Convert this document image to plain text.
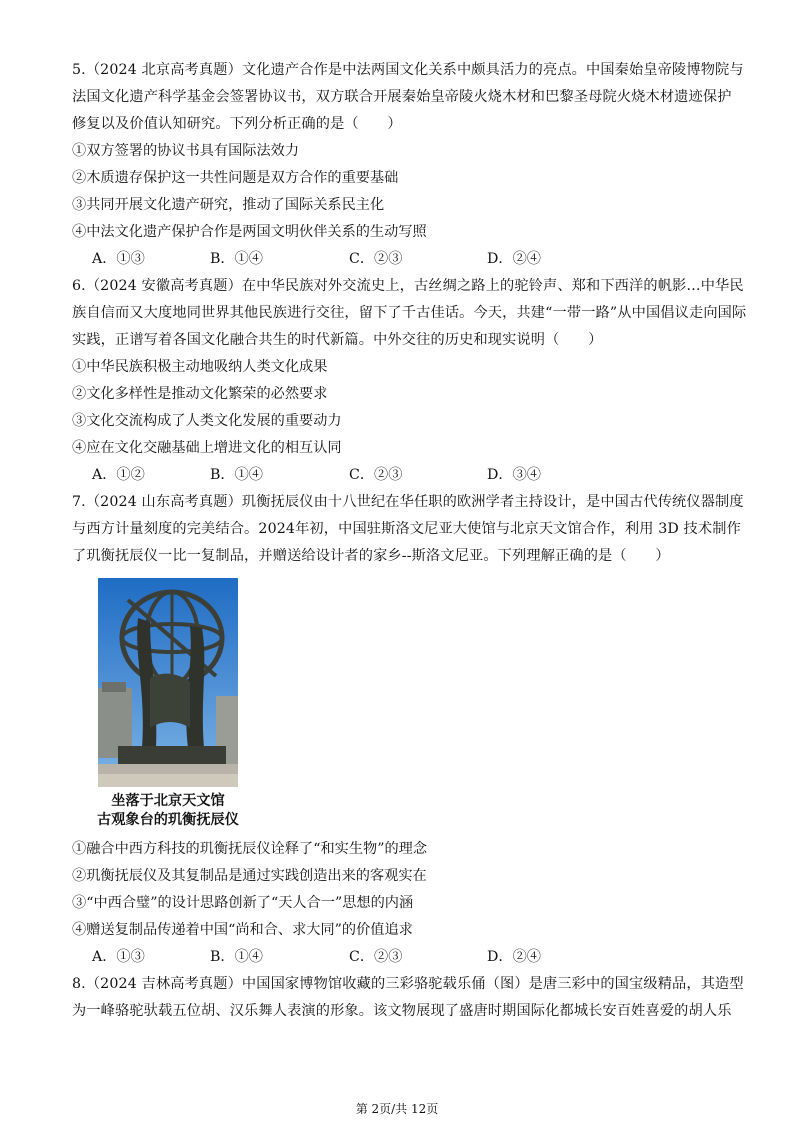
5.（2024 北京高考真题）文化遗产合作是中法两国文化关系中颇具活力的亮点。中国秦始皇帝陵博物院与
法国文化遗产科学基金会签署协议书，双方联合开展秦始皇帝陵火烧木材和巴黎圣母院火烧木材遗迹保护
修复以及价值认知研究。下列分析正确的是（　　）
①双方签署的协议书具有国际法效力
②木质遗存保护这一共性问题是双方合作的重要基础
③共同开展文化遗产研究，推动了国际关系民主化
④中法文化遗产保护合作是两国文明伙伴关系的生动写照
A．①③	B．①④	C．②③	D．②④
6.（2024 安徽高考真题）在中华民族对外交流史上，古丝绸之路上的驼铃声、郑和下西洋的帆影…中华民
族自信而又大度地同世界其他民族进行交往，留下了千古佳话。今天，共建“一带一路”从中国倡议走向国际
实践，正谱写着各国文化融合共生的时代新篇。中外交往的历史和现实说明（　　）
①中华民族积极主动地吸纳人类文化成果
②文化多样性是推动文化繁荣的必然要求
③文化交流构成了人类文化发展的重要动力
④应在文化交融基础上增进文化的相互认同
A．①②	B．①④	C．②③	D．③④
7.（2024 山东高考真题）玑衡抚辰仪由十八世纪在华任职的欧洲学者主持设计，是中国古代传统仪器制度
与西方计量刻度的完美结合。2024年初，中国驻斯洛文尼亚大使馆与北京天文馆合作，利用 3D 技术制作
了玑衡抚辰仪一比一复制品，并赠送给设计者的家乡--斯洛文尼亚。下列理解正确的是（　　）
坐落于北京天文馆
古观象台的玑衡抚辰仪
①融合中西方科技的玑衡抚辰仪诠释了“和实生物”的理念
②玑衡抚辰仪及其复制品是通过实践创造出来的客观实在
③“中西合璧”的设计思路创新了“天人合一”思想的内涵
④赠送复制品传递着中国“尚和合、求大同”的价值追求
A．①③	B．①④	C．②③	D．②④
8.（2024 吉林高考真题）中国国家博物馆收藏的三彩骆驼载乐俑（图）是唐三彩中的国宝级精品，其造型
为一峰骆驼驮载五位胡、汉乐舞人表演的形象。该文物展现了盛唐时期国际化都城长安百姓喜爱的胡人乐
第 2页/共 12页
